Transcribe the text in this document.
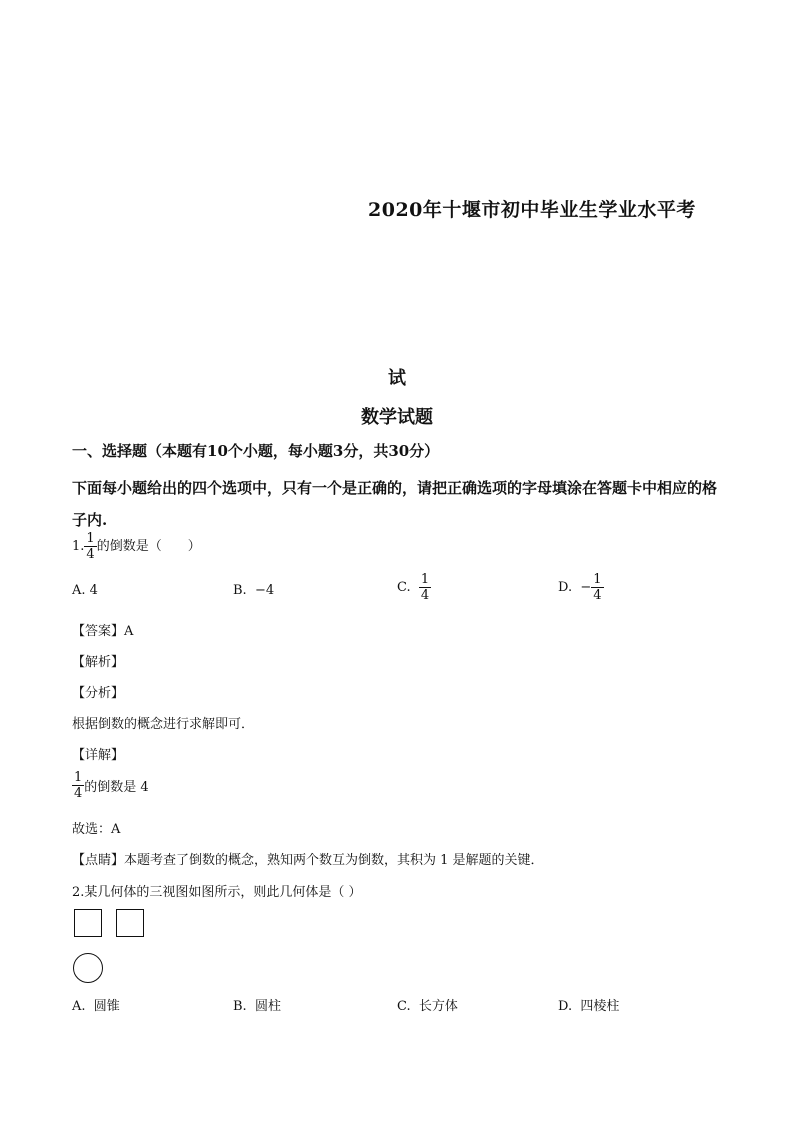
2020年十堰市初中毕业生学业水平考
试
数学试题
一、选择题（本题有10个小题，每小题3分，共30分）
下面每小题给出的四个选项中，只有一个是正确的，请把正确选项的字母填涂在答题卡中相应的格子内.
1. $\frac{1}{4}$ 的倒数是（　　）
A. 4	B. −4	C. $\frac{1}{4}$	D. − $\frac{1}{4}$
【答案】A
【解析】
【分析】
根据倒数的概念进行求解即可．
【详解】
$\frac{1}{4}$ 的倒数是 4
故选：A
【点睛】本题考查了倒数的概念，熟知两个数互为倒数，其积为 1 是解题的关键．
2.某几何体的三视图如图所示，则此几何体是（ ）
A. 圆锥	B. 圆柱	C. 长方体	D. 四棱柱
